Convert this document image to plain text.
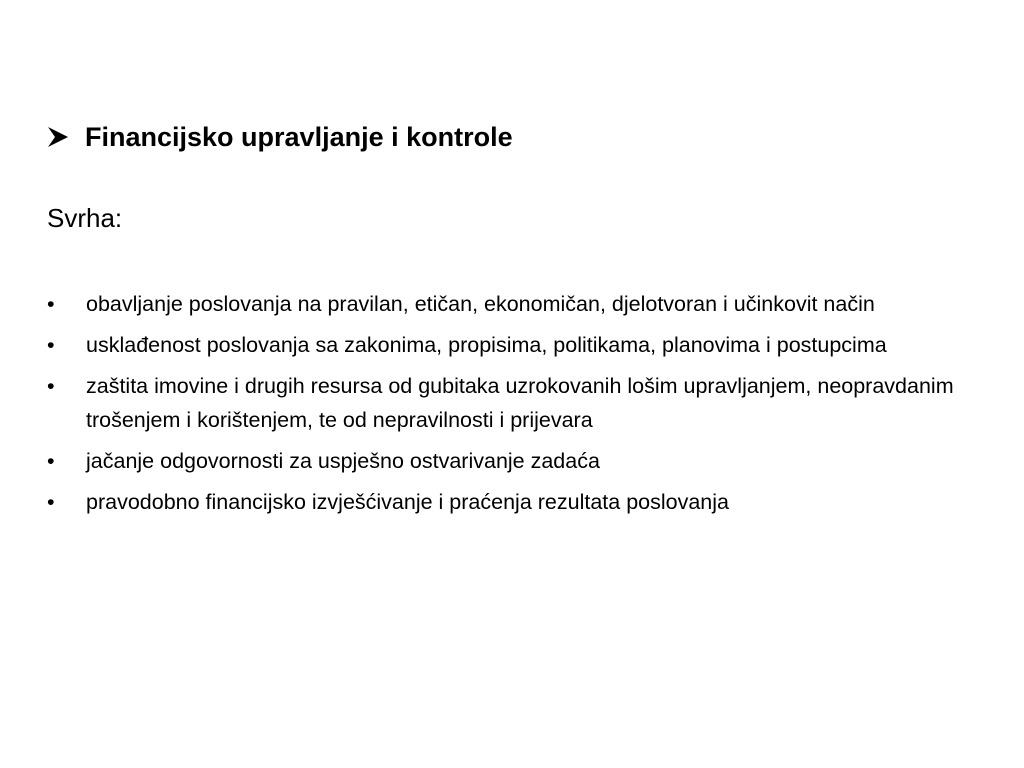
Financijsko upravljanje i kontrole
Svrha:
• obavljanje poslovanja na pravilan, etičan, ekonomičan, djelotvoran i učinkovit način
• usklađenost poslovanja sa zakonima, propisima, politikama, planovima i postupcima
• zaštita imovine i drugih resursa od gubitaka uzrokovanih lošim upravljanjem, neopravdanim trošenjem i korištenjem, te od nepravilnosti i prijevara
• jačanje odgovornosti za uspješno ostvarivanje zadaća
• pravodobno financijsko izvješćivanje i praćenja rezultata poslovanja
